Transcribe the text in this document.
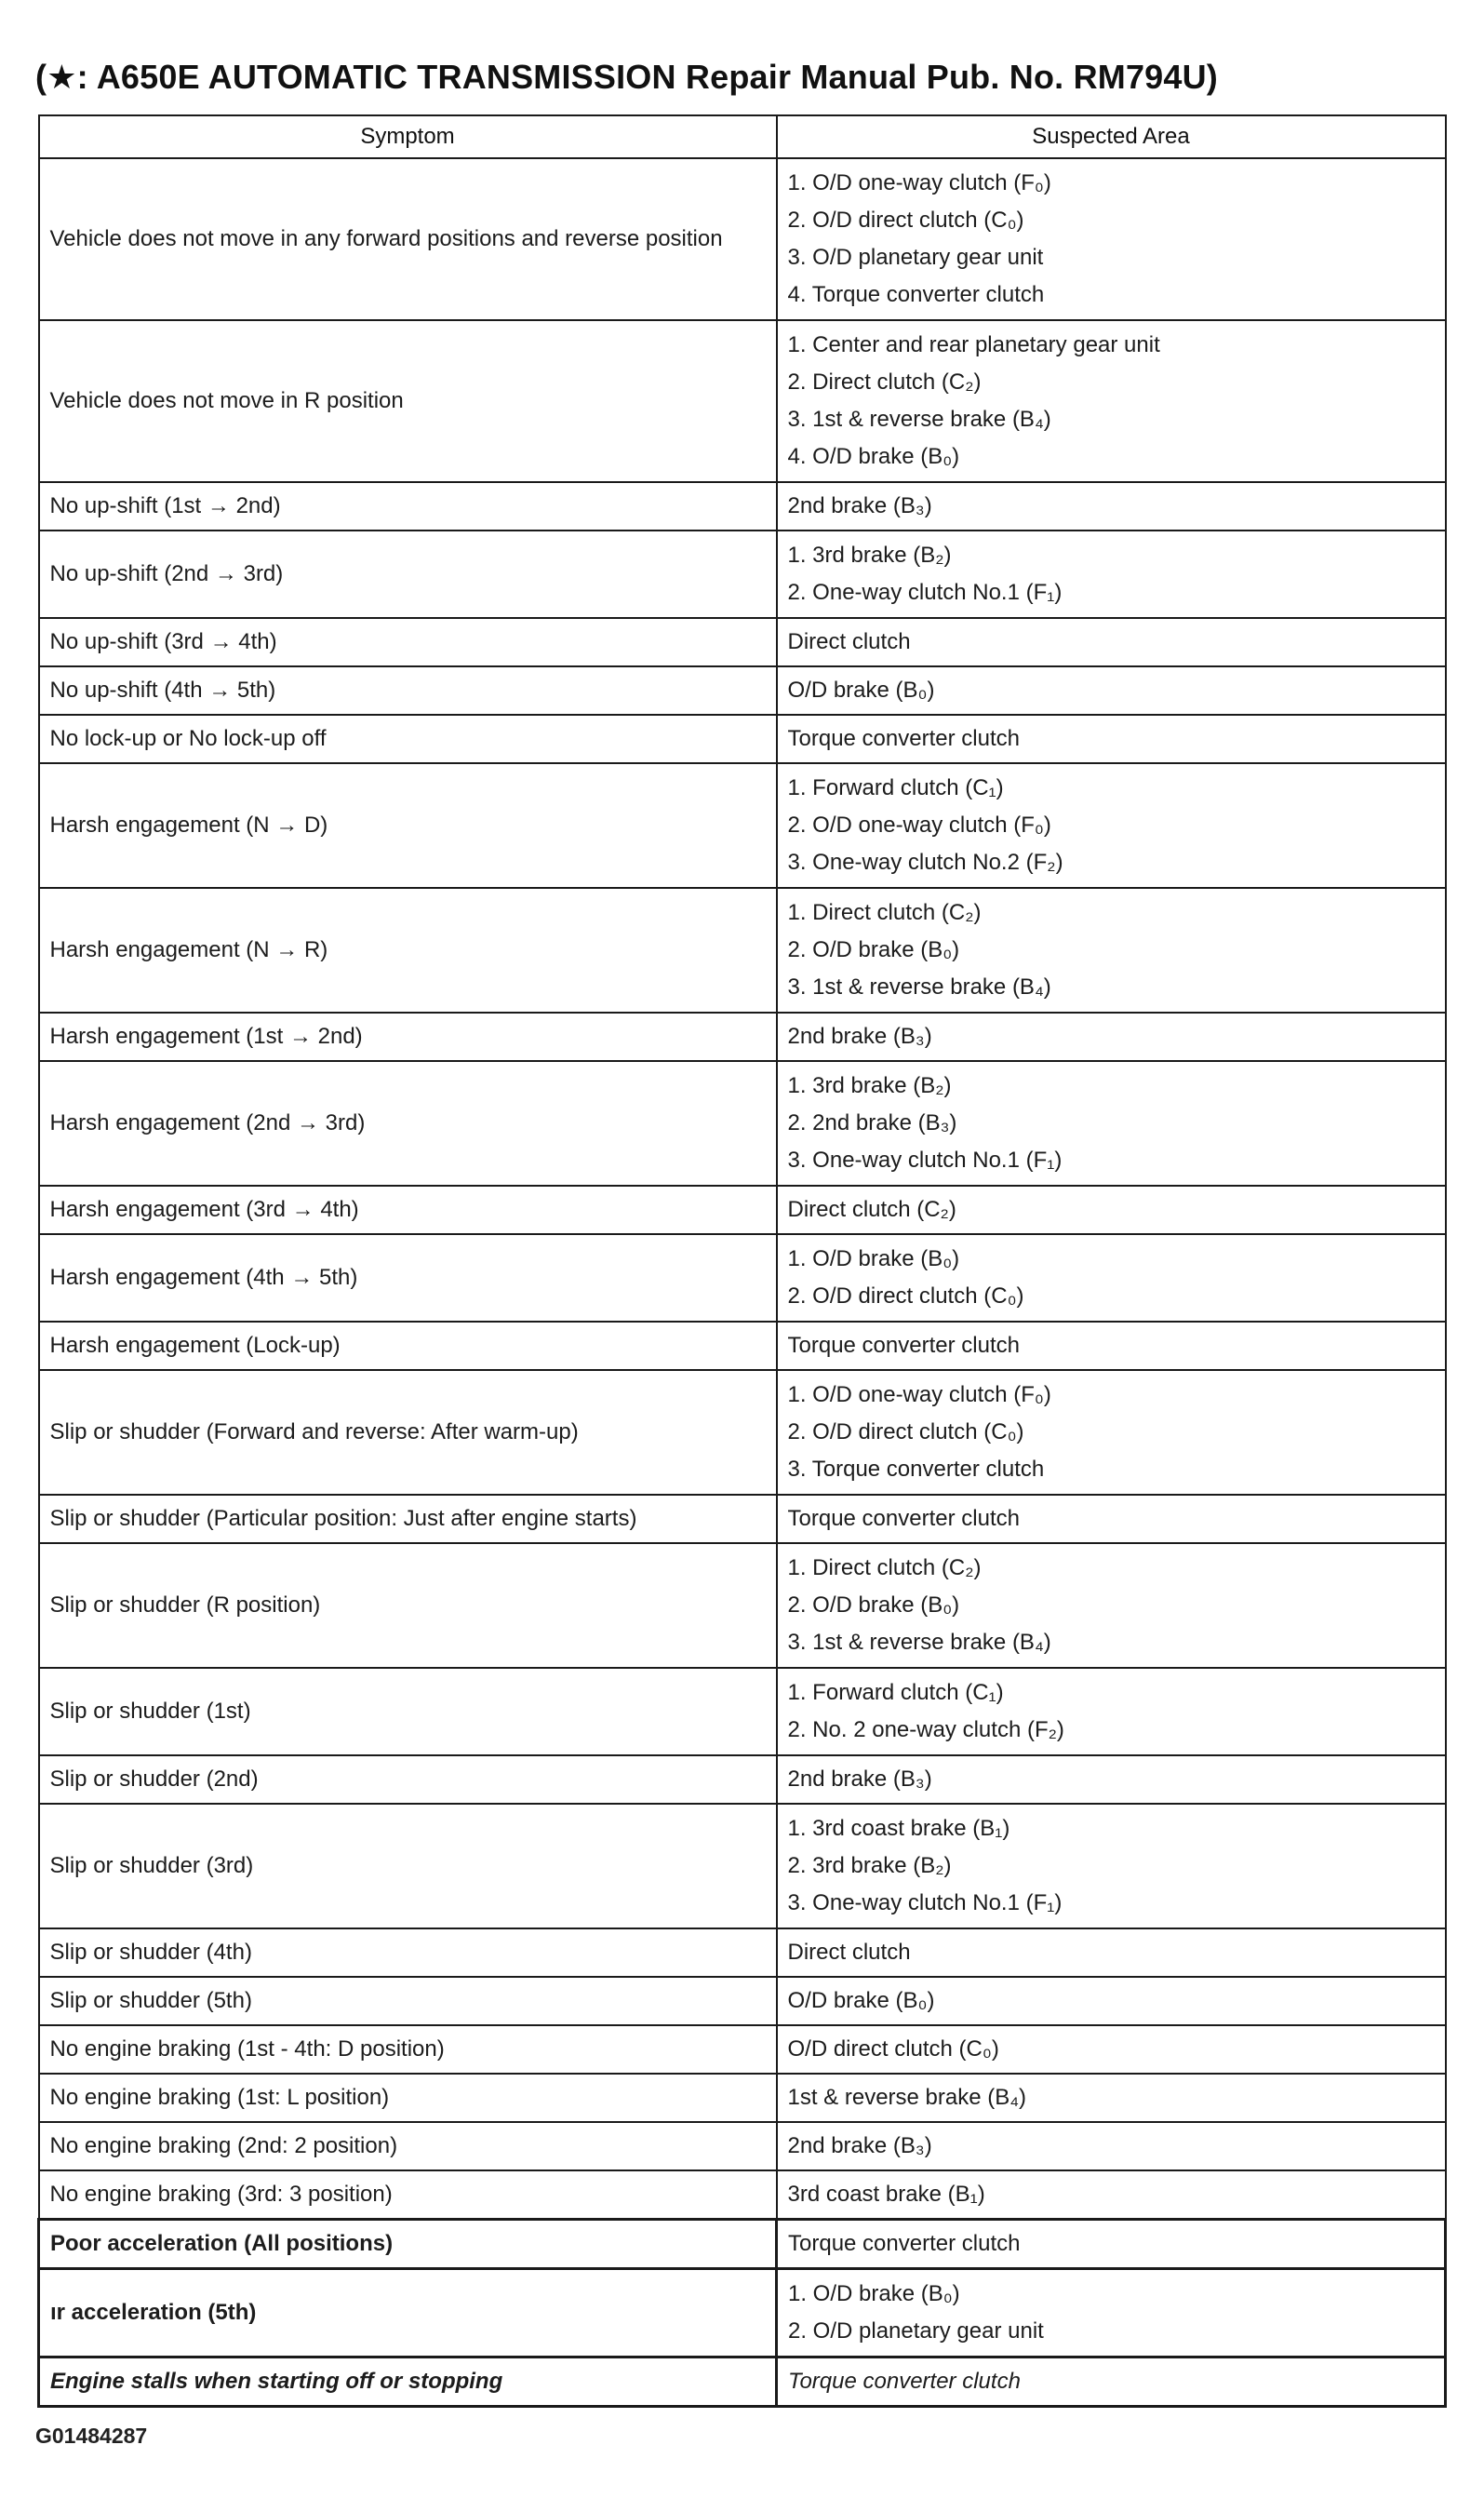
(★: A650E AUTOMATIC TRANSMISSION Repair Manual Pub. No. RM794U)
Symptom	Suspected Area
Vehicle does not move in any forward positions and reverse position	1. O/D one-way clutch (F₀)
2. O/D direct clutch (C₀)
3. O/D planetary gear unit
4. Torque converter clutch

Vehicle does not move in R position	1. Center and rear planetary gear unit
2. Direct clutch (C₂)
3. 1st & reverse brake (B₄)
4. O/D brake (B₀)

No up-shift (1st → 2nd)	2nd brake (B₃)

No up-shift (2nd → 3rd)	1. 3rd brake (B₂)
2. One-way clutch No.1 (F₁)

No up-shift (3rd → 4th)	Direct clutch

No up-shift (4th → 5th)	O/D brake (B₀)

No lock-up or No lock-up off	Torque converter clutch

Harsh engagement (N → D)	1. Forward clutch (C₁)
2. O/D one-way clutch (F₀)
3. One-way clutch No.2 (F₂)

Harsh engagement (N → R)	1. Direct clutch (C₂)
2. O/D brake (B₀)
3. 1st & reverse brake (B₄)

Harsh engagement (1st → 2nd)	2nd brake (B₃)

Harsh engagement (2nd → 3rd)	1. 3rd brake (B₂)
2. 2nd brake (B₃)
3. One-way clutch No.1 (F₁)

Harsh engagement (3rd → 4th)	Direct clutch (C₂)

Harsh engagement (4th → 5th)	1. O/D brake (B₀)
2. O/D direct clutch (C₀)

Harsh engagement (Lock-up)	Torque converter clutch

Slip or shudder (Forward and reverse: After warm-up)	1. O/D one-way clutch (F₀)
2. O/D direct clutch (C₀)
3. Torque converter clutch

Slip or shudder (Particular position: Just after engine starts)	Torque converter clutch

Slip or shudder (R position)	1. Direct clutch (C₂)
2. O/D brake (B₀)
3. 1st & reverse brake (B₄)

Slip or shudder (1st)	1. Forward clutch (C₁)
2. No. 2 one-way clutch (F₂)

Slip or shudder (2nd)	2nd brake (B₃)

Slip or shudder (3rd)	1. 3rd coast brake (B₁)
2. 3rd brake (B₂)
3. One-way clutch No.1 (F₁)

Slip or shudder (4th)	Direct clutch

Slip or shudder (5th)	O/D brake (B₀)

No engine braking (1st - 4th: D position)	O/D direct clutch (C₀)

No engine braking (1st: L position)	1st & reverse brake (B₄)

No engine braking (2nd: 2 position)	2nd brake (B₃)

No engine braking (3rd: 3 position)	3rd coast brake (B₁)

Poor acceleration (All positions)	Torque converter clutch

ır acceleration (5th)	1. O/D brake (B₀)
2. O/D planetary gear unit

Engine stalls when starting off or stopping	Torque converter clutch
G01484287
